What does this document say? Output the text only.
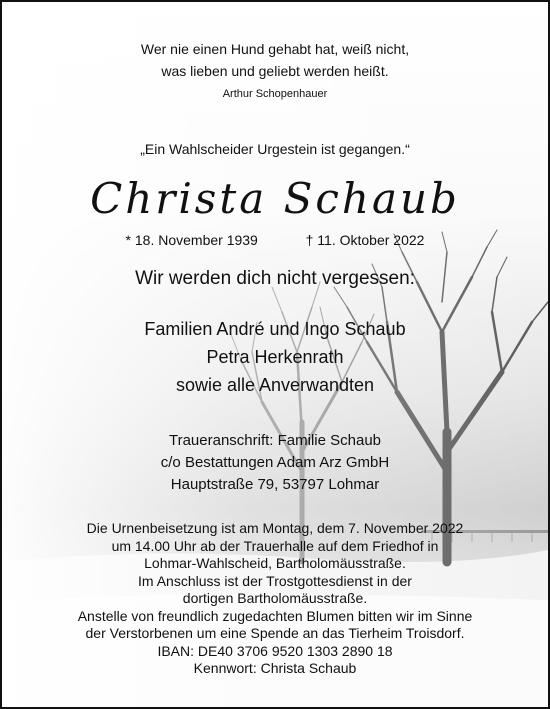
Wer nie einen Hund gehabt hat, weiß nicht,
was lieben und geliebt werden heißt.
Arthur Schopenhauer
„Ein Wahlscheider Urgestein ist gegangen.“
Christa Schaub
* 18. November 1939	† 11. Oktober 2022
Wir werden dich nicht vergessen:
Familien André und Ingo Schaub
Petra Herkenrath
sowie alle Anverwandten
Traueranschrift: Familie Schaub
c/o Bestattungen Adam Arz GmbH
Hauptstraße 79, 53797 Lohmar
Die Urnenbeisetzung ist am Montag, dem 7. November 2022
um 14.00 Uhr ab der Trauerhalle auf dem Friedhof in
Lohmar-Wahlscheid, Bartholomäusstraße.
Im Anschluss ist der Trostgottesdienst in der
dortigen Bartholomäusstraße.
Anstelle von freundlich zugedachten Blumen bitten wir im Sinne
der Verstorbenen um eine Spende an das Tierheim Troisdorf.
IBAN: DE40 3706 9520 1303 2890 18
Kennwort: Christa Schaub
